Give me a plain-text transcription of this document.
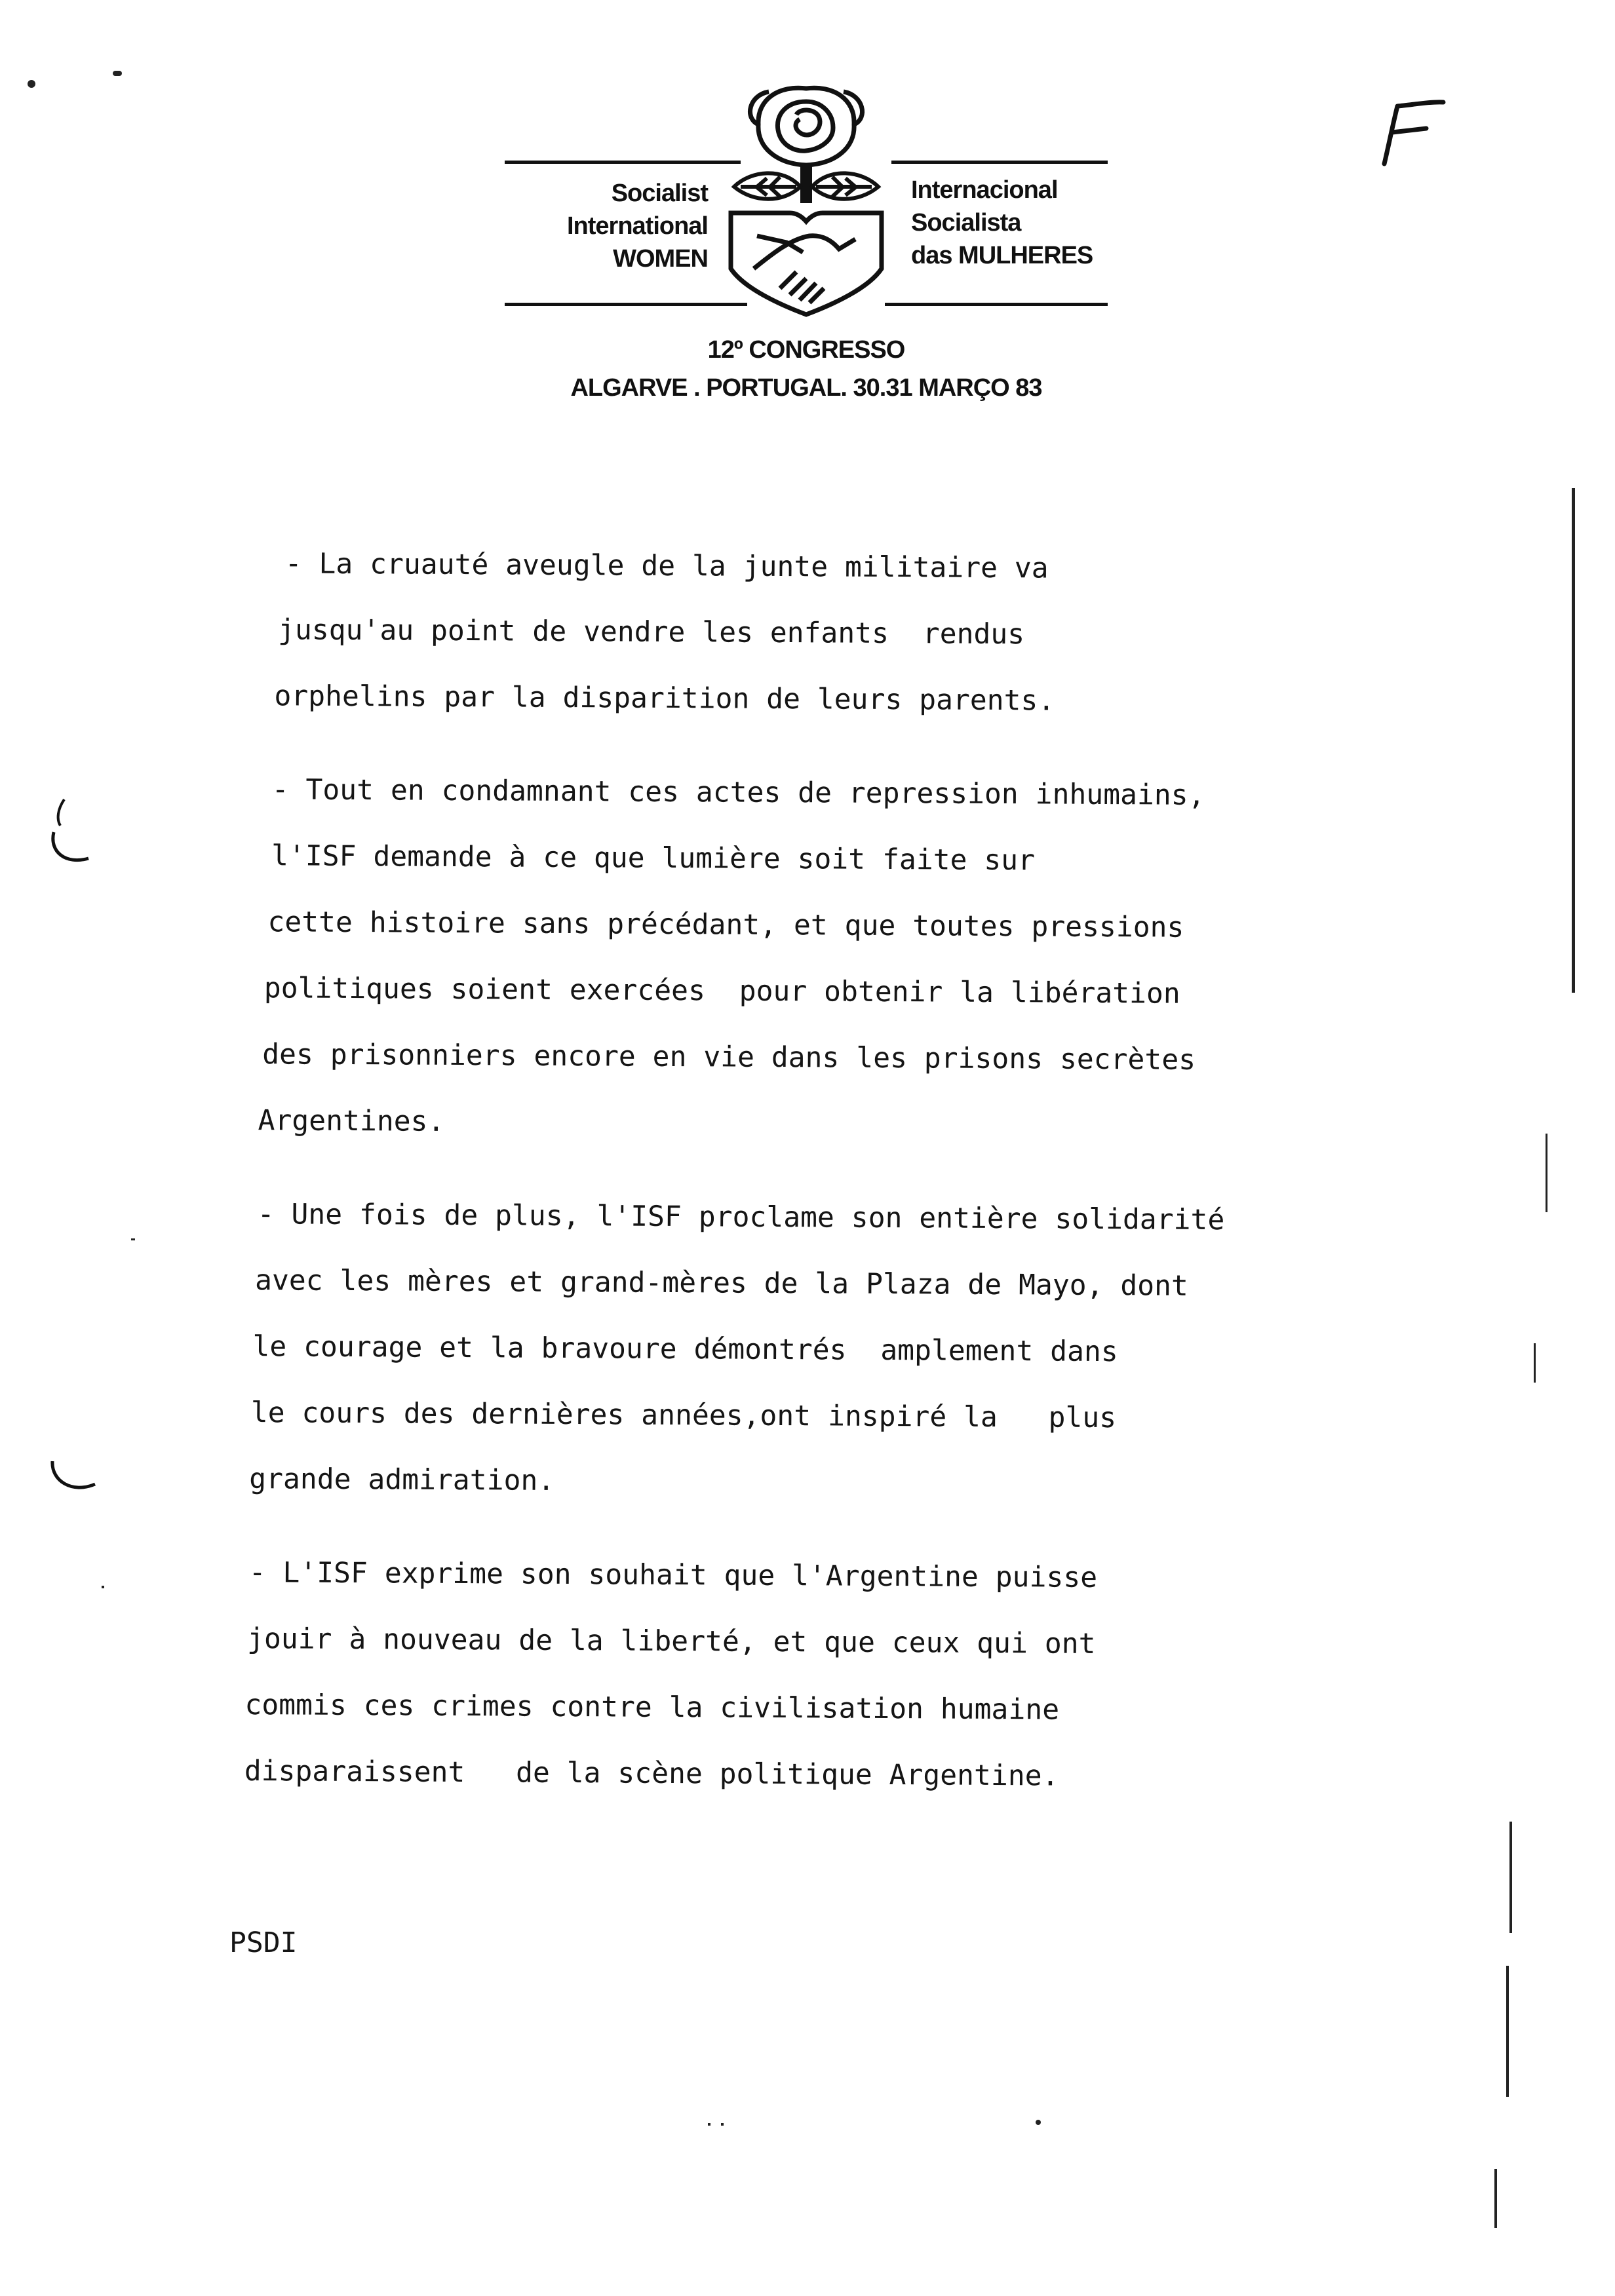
Socialist
International
WOMEN
Internacional
Socialista
das MULHERES
12º CONGRESSO
ALGARVE . PORTUGAL. 30.31 MARÇO 83
- La cruauté aveugle de la junte militaire va
jusqu'au point de vendre les enfants  rendus
orphelins par la disparition de leurs parents.
- Tout en condamnant ces actes de repression inhumains,
l'ISF demande à ce que lumière soit faite sur
cette histoire sans précédant, et que toutes pressions
politiques soient exercées  pour obtenir la libération
des prisonniers encore en vie dans les prisons secrètes
Argentines.
- Une fois de plus, l'ISF proclame son entière solidarité
avec les mères et grand-mères de la Plaza de Mayo, dont
le courage et la bravoure démontrés  amplement dans
le cours des dernières années,ont inspiré la   plus
grande admiration.
- L'ISF exprime son souhait que l'Argentine puisse
jouir à nouveau de la liberté, et que ceux qui ont
commis ces crimes contre la civilisation humaine
disparaissent   de la scène politique Argentine.
PSDI
